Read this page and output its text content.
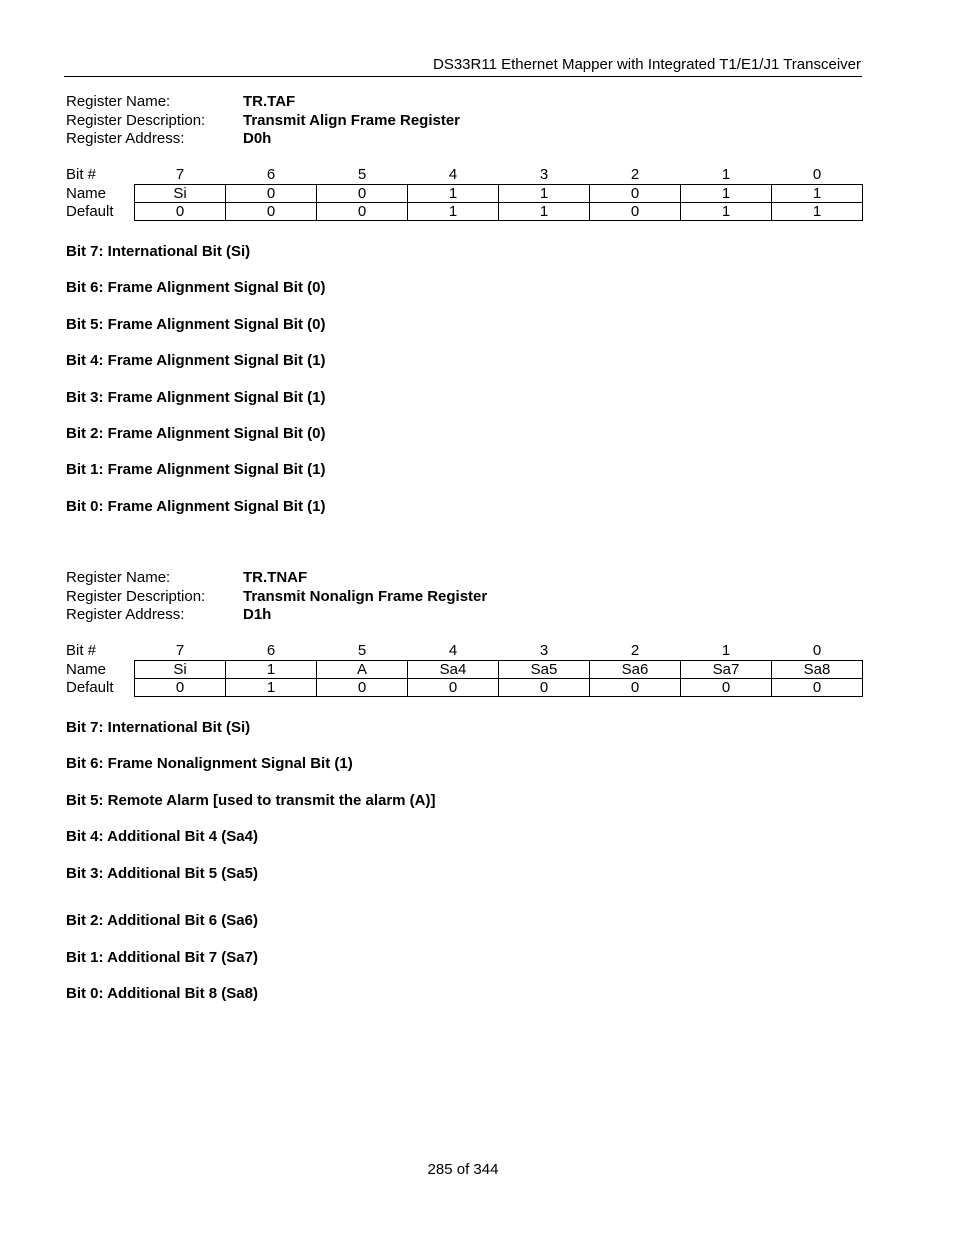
DS33R11 Ethernet Mapper with Integrated T1/E1/J1 Transceiver
Register Name:	TR.TAF
Register Description:	Transmit Align Frame Register
Register Address:	D0h
Bit #	7	6	5	4	3	2	1	0
Name	Si	0	0	1	1	0	1	1
Default	0	0	0	1	1	0	1	1
Bit 7: International Bit (Si)
Bit 6: Frame Alignment Signal Bit (0)
Bit 5: Frame Alignment Signal Bit (0)
Bit 4: Frame Alignment Signal Bit (1)
Bit 3: Frame Alignment Signal Bit (1)
Bit 2: Frame Alignment Signal Bit (0)
Bit 1: Frame Alignment Signal Bit (1)
Bit 0: Frame Alignment Signal Bit (1)
Register Name:	TR.TNAF
Register Description:	Transmit Nonalign Frame Register
Register Address:	D1h
Bit #	7	6	5	4	3	2	1	0
Name	Si	1	A	Sa4	Sa5	Sa6	Sa7	Sa8
Default	0	1	0	0	0	0	0	0
Bit 7: International Bit (Si)
Bit 6: Frame Nonalignment Signal Bit (1)
Bit 5: Remote Alarm [used to transmit the alarm (A)]
Bit 4: Additional Bit 4 (Sa4)
Bit 3: Additional Bit 5 (Sa5)
Bit 2: Additional Bit 6 (Sa6)
Bit 1: Additional Bit 7 (Sa7)
Bit 0: Additional Bit 8 (Sa8)
285 of 344
